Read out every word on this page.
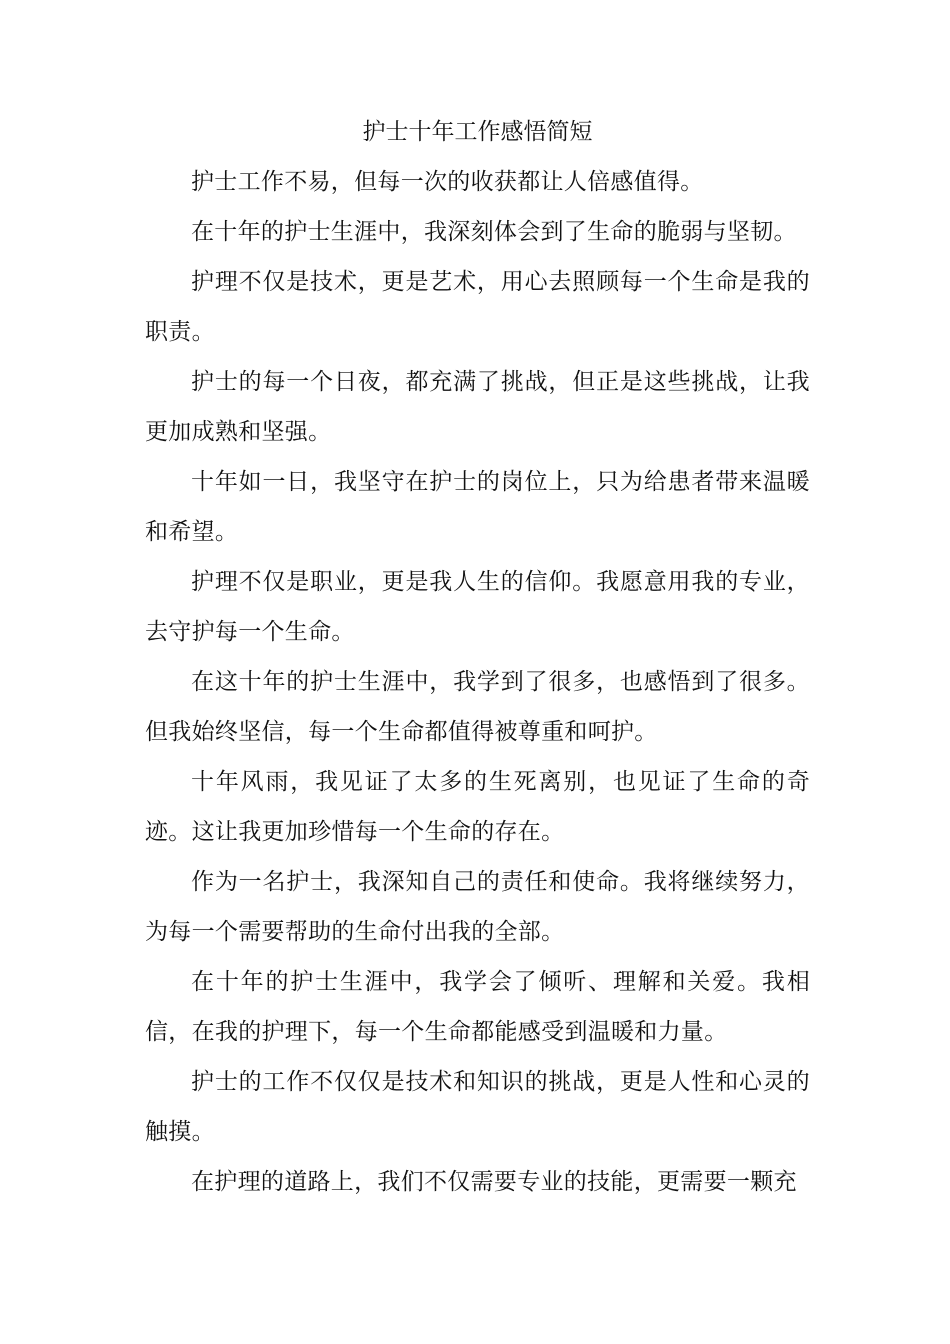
护士十年工作感悟简短

护士工作不易，但每一次的收获都让人倍感值得。

在十年的护士生涯中，我深刻体会到了生命的脆弱与坚韧。

护理不仅是技术，更是艺术，用心去照顾每一个生命是我的职责。

护士的每一个日夜，都充满了挑战，但正是这些挑战，让我更加成熟和坚强。

十年如一日，我坚守在护士的岗位上，只为给患者带来温暖和希望。

护理不仅是职业，更是我人生的信仰。我愿意用我的专业，去守护每一个生命。

在这十年的护士生涯中，我学到了很多，也感悟到了很多。但我始终坚信，每一个生命都值得被尊重和呵护。

十年风雨，我见证了太多的生死离别，也见证了生命的奇迹。这让我更加珍惜每一个生命的存在。

作为一名护士，我深知自己的责任和使命。我将继续努力，为每一个需要帮助的生命付出我的全部。

在十年的护士生涯中，我学会了倾听、理解和关爱。我相信，在我的护理下，每一个生命都能感受到温暖和力量。

护士的工作不仅仅是技术和知识的挑战，更是人性和心灵的触摸。

在护理的道路上，我们不仅需要专业的技能，更需要一颗充
